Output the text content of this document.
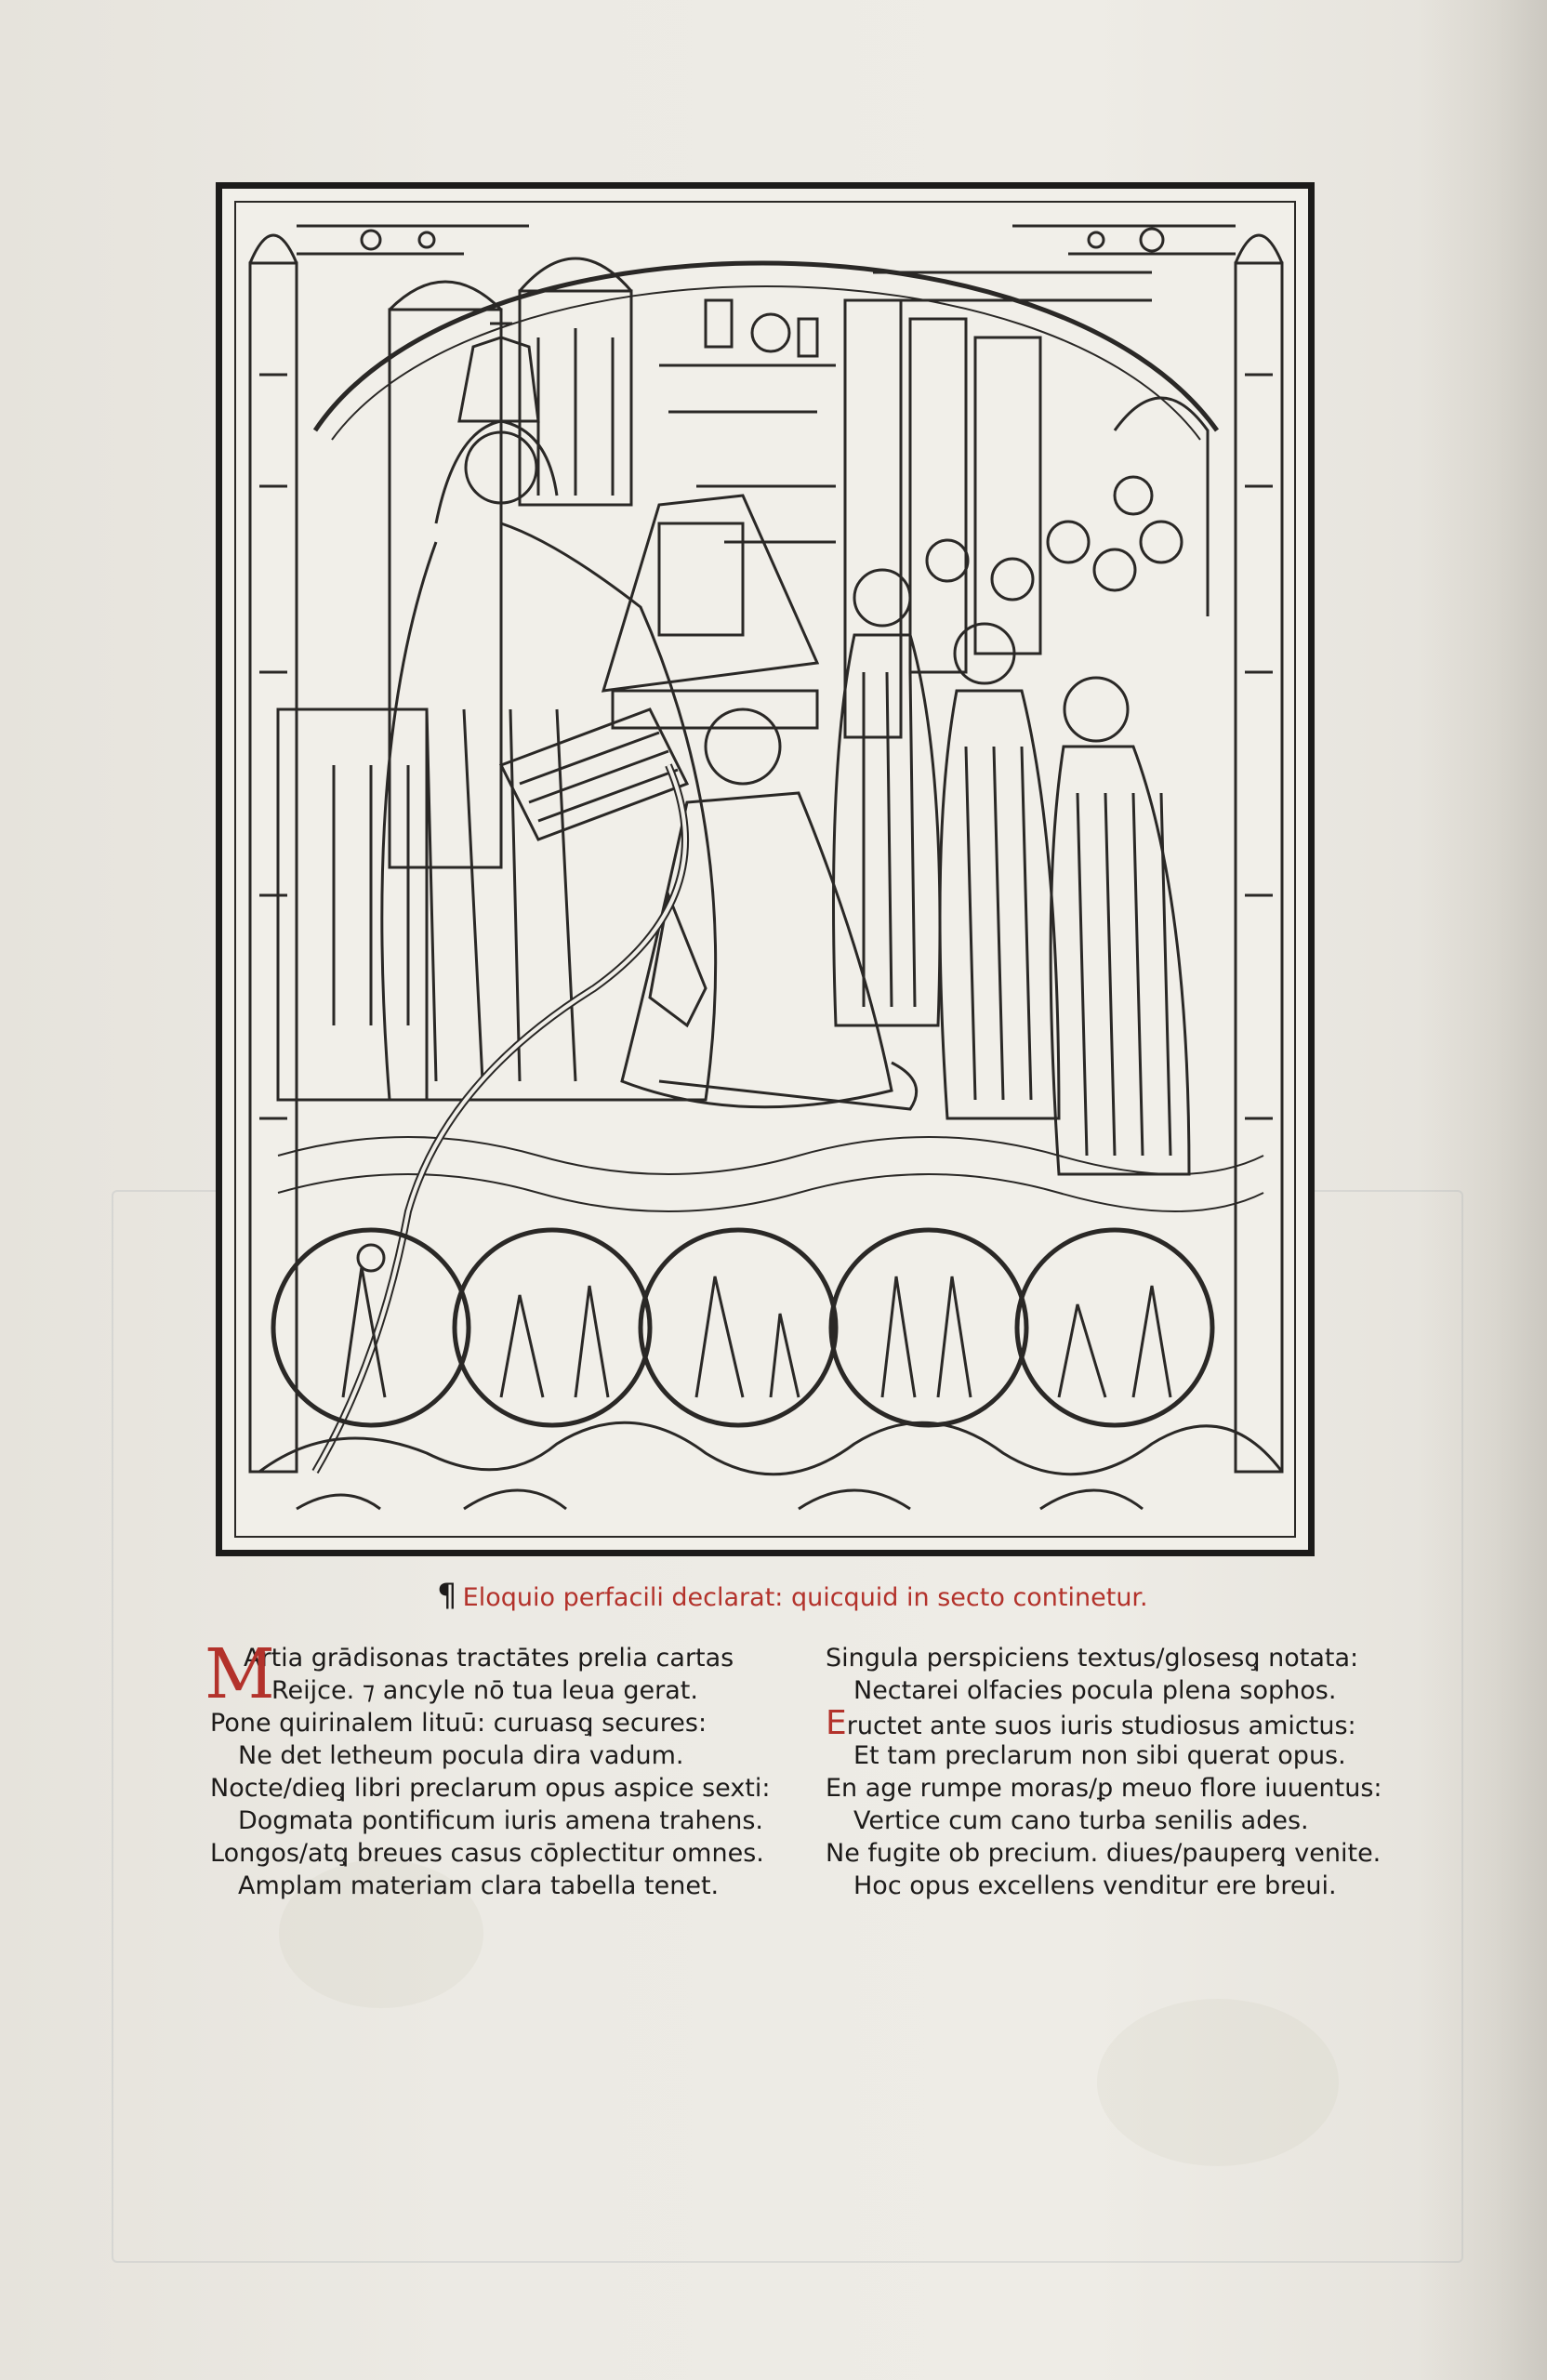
¶ Eloquio perfacili declarat: quicquid in secto continetur.
M
Artia grādisonas tractātes prelia cartas
Reijce. ⁊ ancyle nō tua leua gerat.
Pone quirinalem lituū: curuasq̧ secures:
Ne det letheum pocula dira vadum.
Nocte/dieq̧ libri preclarum opus aspice sexti:
Dogmata pontificum iuris amena trahens.
Longos/atq̧ breues casus cōplectitur omnes.
Amplam materiam clara tabella tenet.
Singula perspiciens textus/glosesq̧ notata:
Nectarei olfacies pocula plena sophos.
Eructet ante suos iuris studiosus amictus:
Et tam preclarum non sibi querat opus.
En age rumpe moras/ꝑ meuo flore iuuentus:
Vertice cum cano turba senilis ades.
Ne fugite ob precium. diues/pauperq̧ venite.
Hoc opus excellens venditur ere breui.
